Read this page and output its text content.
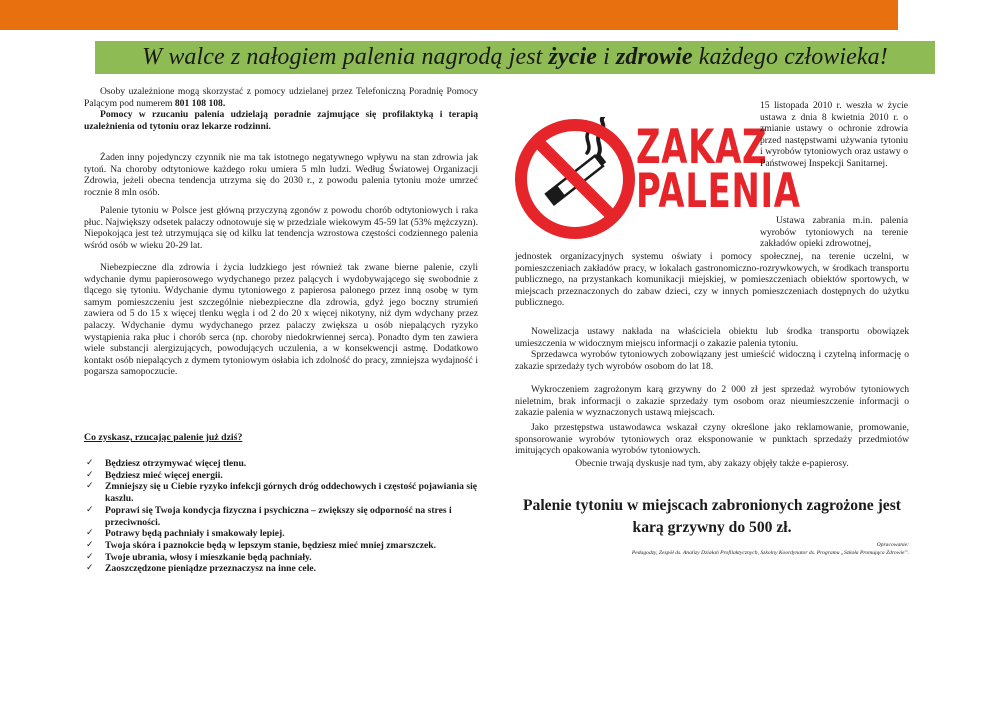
W walce z nałogiem palenia nagrodą jest życie i zdrowie każdego człowieka!
Osoby uzależnione mogą skorzystać z pomocy udzielanej przez Telefoniczną Poradnię Pomocy Palącym pod numerem 801 108 108.
Pomocy w rzucaniu palenia udzielają poradnie zajmujące się profilaktyką i terapią uzależnienia od tytoniu oraz lekarze rodzinni.
Żaden inny pojedynczy czynnik nie ma tak istotnego negatywnego wpływu na stan zdrowia jak tytoń. Na choroby odtytoniowe każdego roku umiera 5 mln ludzi. Według Światowej Organizacji Zdrowia, jeżeli obecna tendencja utrzyma się do 2030 r., z powodu palenia tytoniu może umrzeć rocznie 8 mln osób.
Palenie tytoniu w Polsce jest główną przyczyną zgonów z powodu chorób odtytoniowych i raka płuc. Największy odsetek palaczy odnotowuje się w przedziale wiekowym 45-59 lat (53% mężczyzn). Niepokojąca jest też utrzymująca się od kilku lat tendencja wzrostowa częstości codziennego palenia wśród osób w wieku 20-29 lat.
Niebezpieczne dla zdrowia i życia ludzkiego jest również tak zwane bierne palenie, czyli wdychanie dymu papierosowego wydychanego przez palących i wydobywającego się swobodnie z tlącego się tytoniu. Wdychanie dymu tytoniowego z papierosa palonego przez inną osobę w tym samym pomieszczeniu jest szczególnie niebezpieczne dla zdrowia, gdyż jego boczny strumień zawiera od 5 do 15 x więcej tlenku węgla i od 2 do 20 x więcej nikotyny, niż dym wdychany przez palaczy. Wdychanie dymu wydychanego przez palaczy zwiększa u osób niepalących ryzyko wystąpienia raka płuc i chorób serca (np. choroby niedokrwiennej serca). Ponadto dym ten zawiera wiele substancji alergizujących, powodujących uczulenia, a w konsekwencji astmę. Dodatkowo kontakt osób niepalących z dymem tytoniowym osłabia ich zdolność do pracy, zmniejsza wydajność i pogarsza samopoczucie.
Co zyskasz, rzucając palenie już dziś?
✓	Będziesz otrzymywać więcej tlenu.
✓	Będziesz mieć więcej energii.
✓	Zmniejszy się u Ciebie ryzyko infekcji górnych dróg oddechowych i częstość pojawiania się kaszlu.
✓	Poprawi się Twoja kondycja fizyczna i psychiczna – zwiększy się odporność na stres i przeciwności.
✓	Potrawy będą pachniały i smakowały lepiej.
✓	Twoja skóra i paznokcie będą w lepszym stanie, będziesz mieć mniej zmarszczek.
✓	Twoje ubrania, włosy i mieszkanie będą pachniały.
✓	Zaoszczędzone pieniądze przeznaczysz na inne cele.
ZAKAZ
PALENIA
15 listopada 2010 r. weszła w życie ustawa z dnia 8 kwietnia 2010 r. o zmianie ustawy o ochronie zdrowia przed następstwami używania tytoniu i wyrobów tytoniowych oraz ustawy o Państwowej Inspekcji Sanitarnej.
Ustawa zabrania m.in. palenia wyrobów tytoniowych na terenie zakładów opieki zdrowotnej,
jednostek organizacyjnych systemu oświaty i pomocy społecznej, na terenie uczelni, w pomieszczeniach zakładów pracy, w lokalach gastronomiczno-rozrywkowych, w środkach transportu publicznego, na przystankach komunikacji miejskiej, w pomieszczeniach obiektów sportowych, w miejscach przeznaczonych do zabaw dzieci, czy w innych pomieszczeniach dostępnych do użytku publicznego.
Nowelizacja ustawy nakłada na właściciela obiektu lub środka transportu obowiązek umieszczenia w widocznym miejscu informacji o zakazie palenia tytoniu.
Sprzedawca wyrobów tytoniowych zobowiązany jest umieścić widoczną i czytelną informację o zakazie sprzedaży tych wyrobów osobom do lat 18.
Wykroczeniem zagrożonym karą grzywny do 2 000 zł jest sprzedaż wyrobów tytoniowych nieletnim, brak informacji o zakazie sprzedaży tym osobom oraz nieumieszczenie informacji o zakazie palenia w wyznaczonych ustawą miejscach.
Jako przestępstwa ustawodawca wskazał czyny określone jako reklamowanie, promowanie, sponsorowanie wyrobów tytoniowych oraz eksponowanie w punktach sprzedaży przedmiotów imitujących opakowania wyrobów tytoniowych.
Obecnie trwają dyskusje nad tym, aby zakazy objęły także e-papierosy.
Palenie tytoniu w miejscach zabronionych zagrożone jest karą grzywny do 500 zł.
Opracowanie:
Pedagodzy, Zespół ds. Analizy Działań Profilaktycznych, Szkolny Koordynator ds. Programu „Szkoła Promująca Zdrowie”.
